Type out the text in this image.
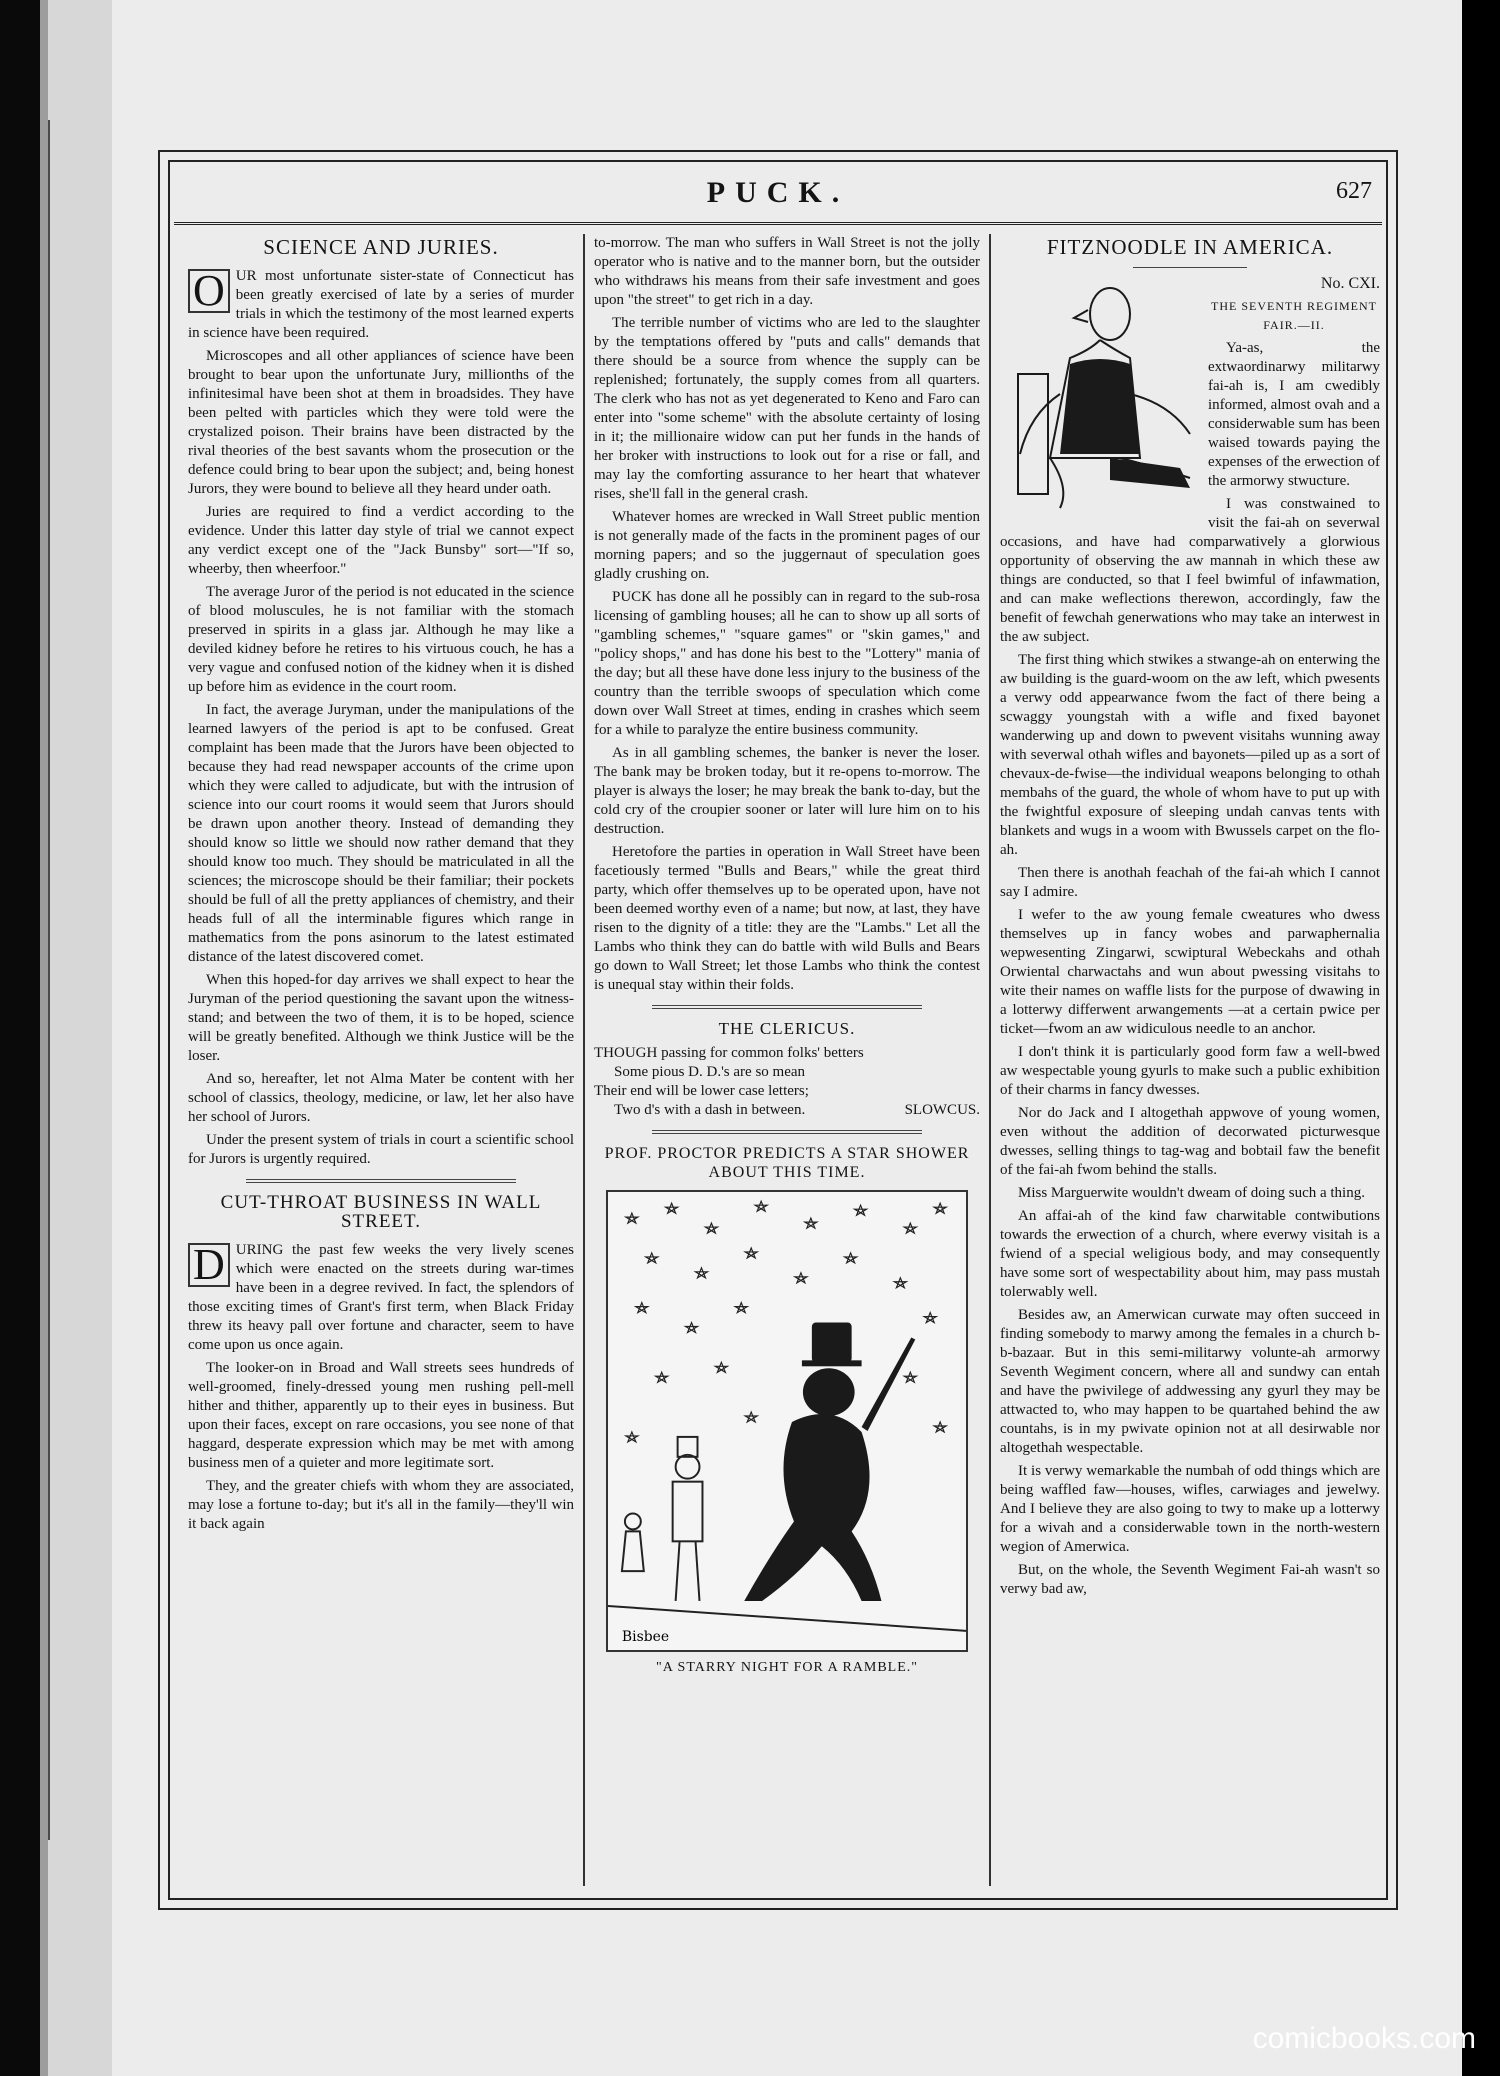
PUCK.	627
SCIENCE AND JURIES.

O UR most unfortunate sister-state of Connecticut has been greatly exercised of late by a series of murder trials in which the testimony of the most learned experts in science have been required.

Microscopes and all other appliances of science have been brought to bear upon the unfortunate Jury, millionths of the infinitesimal have been shot at them in broadsides. They have been pelted with particles which they were told were the crystalized poison. Their brains have been distracted by the rival theories of the best savants whom the prosecution or the defence could bring to bear upon the subject; and, being honest Jurors, they were bound to believe all they heard under oath.

Juries are required to find a verdict according to the evidence. Under this latter day style of trial we cannot expect any verdict except one of the "Jack Bunsby" sort—"If so, wheerby, then wheerfoor."

The average Juror of the period is not educated in the science of blood moluscules, he is not familiar with the stomach preserved in spirits in a glass jar. Although he may like a deviled kidney before he retires to his virtuous couch, he has a very vague and confused notion of the kidney when it is dished up before him as evidence in the court room.

In fact, the average Juryman, under the manipulations of the learned lawyers of the period is apt to be confused. Great complaint has been made that the Jurors have been objected to because they had read newspaper accounts of the crime upon which they were called to adjudicate, but with the intrusion of science into our court rooms it would seem that Jurors should be drawn upon another theory. Instead of demanding they should know so little we should now rather demand that they should know too much. They should be matriculated in all the sciences; the microscope should be their familiar; their pockets should be full of all the pretty appliances of chemistry, and their heads full of all the interminable figures which range in mathematics from the pons asinorum to the latest estimated distance of the latest discovered comet.

When this hoped-for day arrives we shall expect to hear the Juryman of the period questioning the savant upon the witness-stand; and between the two of them, it is to be hoped, science will be greatly benefited. Although we think Justice will be the loser.

And so, hereafter, let not Alma Mater be content with her school of classics, theology, medicine, or law, let her also have her school of Jurors.

Under the present system of trials in court a scientific school for Jurors is urgently required.

CUT-THROAT BUSINESS IN WALL STREET.

D URING the past few weeks the very lively scenes which were enacted on the streets during war-times have been in a degree revived. In fact, the splendors of those exciting times of Grant's first term, when Black Friday threw its heavy pall over fortune and character, seem to have come upon us once again.

The looker-on in Broad and Wall streets sees hundreds of well-groomed, finely-dressed young men rushing pell-mell hither and thither, apparently up to their eyes in business. But upon their faces, except on rare occasions, you see none of that haggard, desperate expression which may be met with among business men of a quieter and more legitimate sort.

They, and the greater chiefs with whom they are associated, may lose a fortune to-day; but it's all in the family—they'll win it back again

to-morrow. The man who suffers in Wall Street is not the jolly operator who is native and to the manner born, but the outsider who withdraws his means from their safe investment and goes upon "the street" to get rich in a day.

The terrible number of victims who are led to the slaughter by the temptations offered by "puts and calls" demands that there should be a source from whence the supply can be replenished; fortunately, the supply comes from all quarters. The clerk who has not as yet degenerated to Keno and Faro can enter into "some scheme" with the absolute certainty of losing in it; the millionaire widow can put her funds in the hands of her broker with instructions to look out for a rise or fall, and may lay the comforting assurance to her heart that whatever rises, she'll fall in the general crash.

Whatever homes are wrecked in Wall Street public mention is not generally made of the facts in the prominent pages of our morning papers; and so the juggernaut of speculation goes gladly crushing on.

PUCK has done all he possibly can in regard to the sub-rosa licensing of gambling houses; all he can to show up all sorts of "gambling schemes," "square games" or "skin games," and "policy shops," and has done his best to the "Lottery" mania of the day; but all these have done less injury to the business of the country than the terrible swoops of speculation which come down over Wall Street at times, ending in crashes which seem for a while to paralyze the entire business community.

As in all gambling schemes, the banker is never the loser. The bank may be broken today, but it re-opens to-morrow. The player is always the loser; he may break the bank to-day, but the cold cry of the croupier sooner or later will lure him on to his destruction.

Heretofore the parties in operation in Wall Street have been facetiously termed "Bulls and Bears," while the great third party, which offer themselves up to be operated upon, have not been deemed worthy even of a name; but now, at last, they have risen to the dignity of a title: they are the "Lambs." Let all the Lambs who think they can do battle with wild Bulls and Bears go down to Wall Street; let those Lambs who think the contest is unequal stay within their folds.

THE CLERICUS.
THOUGH passing for common folks' betters
Some pious D. D.'s are so mean
Their end will be lower case letters;
Two d's with a dash in between.	SLOWCUS.
PROF. PROCTOR PREDICTS A STAR SHOWER ABOUT THIS TIME.
Bisbee
"A STARRY NIGHT FOR A RAMBLE."
FITZNOODLE IN AMERICA.
No. CXI.
THE SEVENTH REGIMENT FAIR.—II.

Ya-as, the extwaordinarwy militarwy fai-ah is, I am cwedibly informed, almost ovah and a considerwable sum has been waised towards paying the expenses of the erwection of the armorwy stwucture.

I was constwained to visit the fai-ah on severwal occasions, and have had comparwatively a glorwious opportunity of observing the aw mannah in which these aw things are conducted, so that I feel bwimful of infawmation, and can make weflections therewon, accordingly, faw the benefit of fewchah generwations who may take an interwest in the aw subject.

The first thing which stwikes a stwange-ah on enterwing the aw building is the guard-woom on the aw left, which pwesents a verwy odd appearwance fwom the fact of there being a scwaggy youngstah with a wifle and fixed bayonet wanderwing up and down to pwevent visitahs wunning away with severwal othah wifles and bayonets—piled up as a sort of chevaux-de-fwise—the individual weapons belonging to othah membahs of the guard, the whole of whom have to put up with the fwightful exposure of sleeping undah canvas tents with blankets and wugs in a woom with Bwussels carpet on the flo-ah.

Then there is anothah feachah of the fai-ah which I cannot say I admire.

I wefer to the aw young female cweatures who dwess themselves up in fancy wobes and parwaphernalia wepwesenting Zingarwi, scwiptural Webeckahs and othah Orwiental charwactahs and wun about pwessing visitahs to wite their names on waffle lists for the purpose of dwawing in a lotterwy differwent arwangements —at a certain pwice per ticket—fwom an aw widiculous needle to an anchor.

I don't think it is particularly good form faw a well-bwed aw wespectable young gyurls to make such a public exhibition of their charms in fancy dwesses.

Nor do Jack and I altogethah appwove of young women, even without the addition of decorwated picturwesque dwesses, selling things to tag-wag and bobtail faw the benefit of the fai-ah fwom behind the stalls.

Miss Marguerwite wouldn't dweam of doing such a thing.

An affai-ah of the kind faw charwitable contwibutions towards the erwection of a church, where everwy visitah is a fwiend of a special weligious body, and may consequently have some sort of wespectability about him, may pass mustah tolerwably well.

Besides aw, an Amerwican curwate may often succeed in finding somebody to marwy among the females in a church b-b-bazaar. But in this semi-militarwy volunte-ah armorwy Seventh Wegiment concern, where all and sundwy can entah and have the pwivilege of addwessing any gyurl they may be attwacted to, who may happen to be quartahed behind the aw countahs, is in my pwivate opinion not at all desirwable nor altogethah wespectable.

It is verwy wemarkable the numbah of odd things which are being waffled faw—houses, wifles, carwiages and jewelwy. And I believe they are also going to twy to make up a lotterwy for a wivah and a considerwable town in the north-western wegion of Amerwica.

But, on the whole, the Seventh Wegiment Fai-ah wasn't so verwy bad aw,

comicbooks.com
